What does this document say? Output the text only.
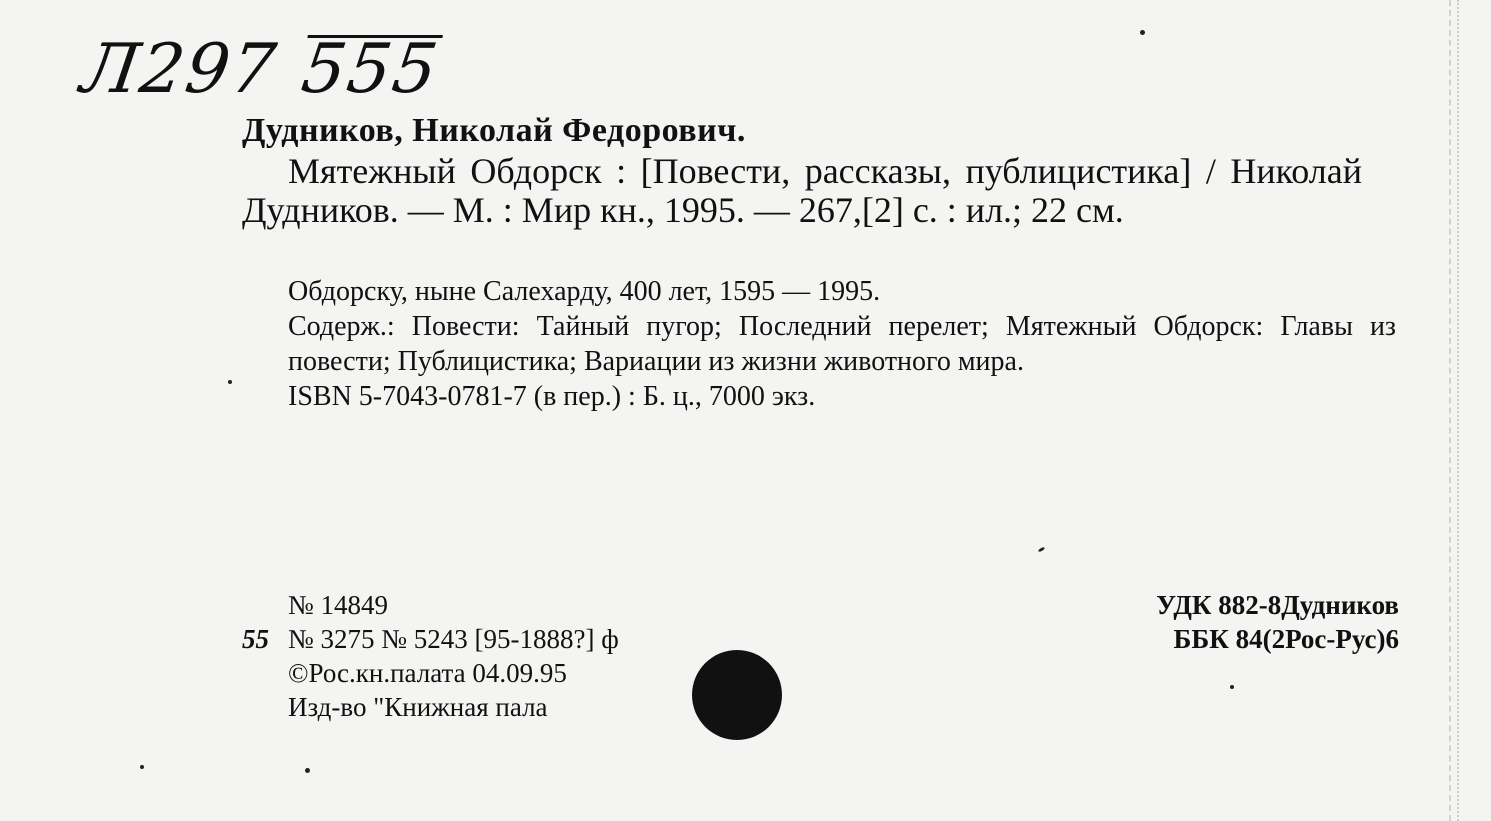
Л297 555
Дудников, Николай Федорович.
Мятежный Обдорск : [Повести, рассказы, публицистика] / Николай Дудников. — М. : Мир кн., 1995. — 267,[2] с. : ил.; 22 см.

Обдорску, ныне Салехарду, 400 лет, 1595 — 1995.

Содерж.: Повести: Тайный пугор; Последний перелет; Мятежный Обдорск: Главы из повести; Публицистика; Вариации из жизни животного мира.

ISBN 5-7043-0781-7 (в пер.) : Б. ц., 7000 экз.

№ 14849
55 № 3275 № 5243 [95-1888?] ф
©Рос.кн.палата 04.09.95
Изд-во "Книжная пала
УДК 882-8Дудников
ББК 84(2Рос-Рус)6
